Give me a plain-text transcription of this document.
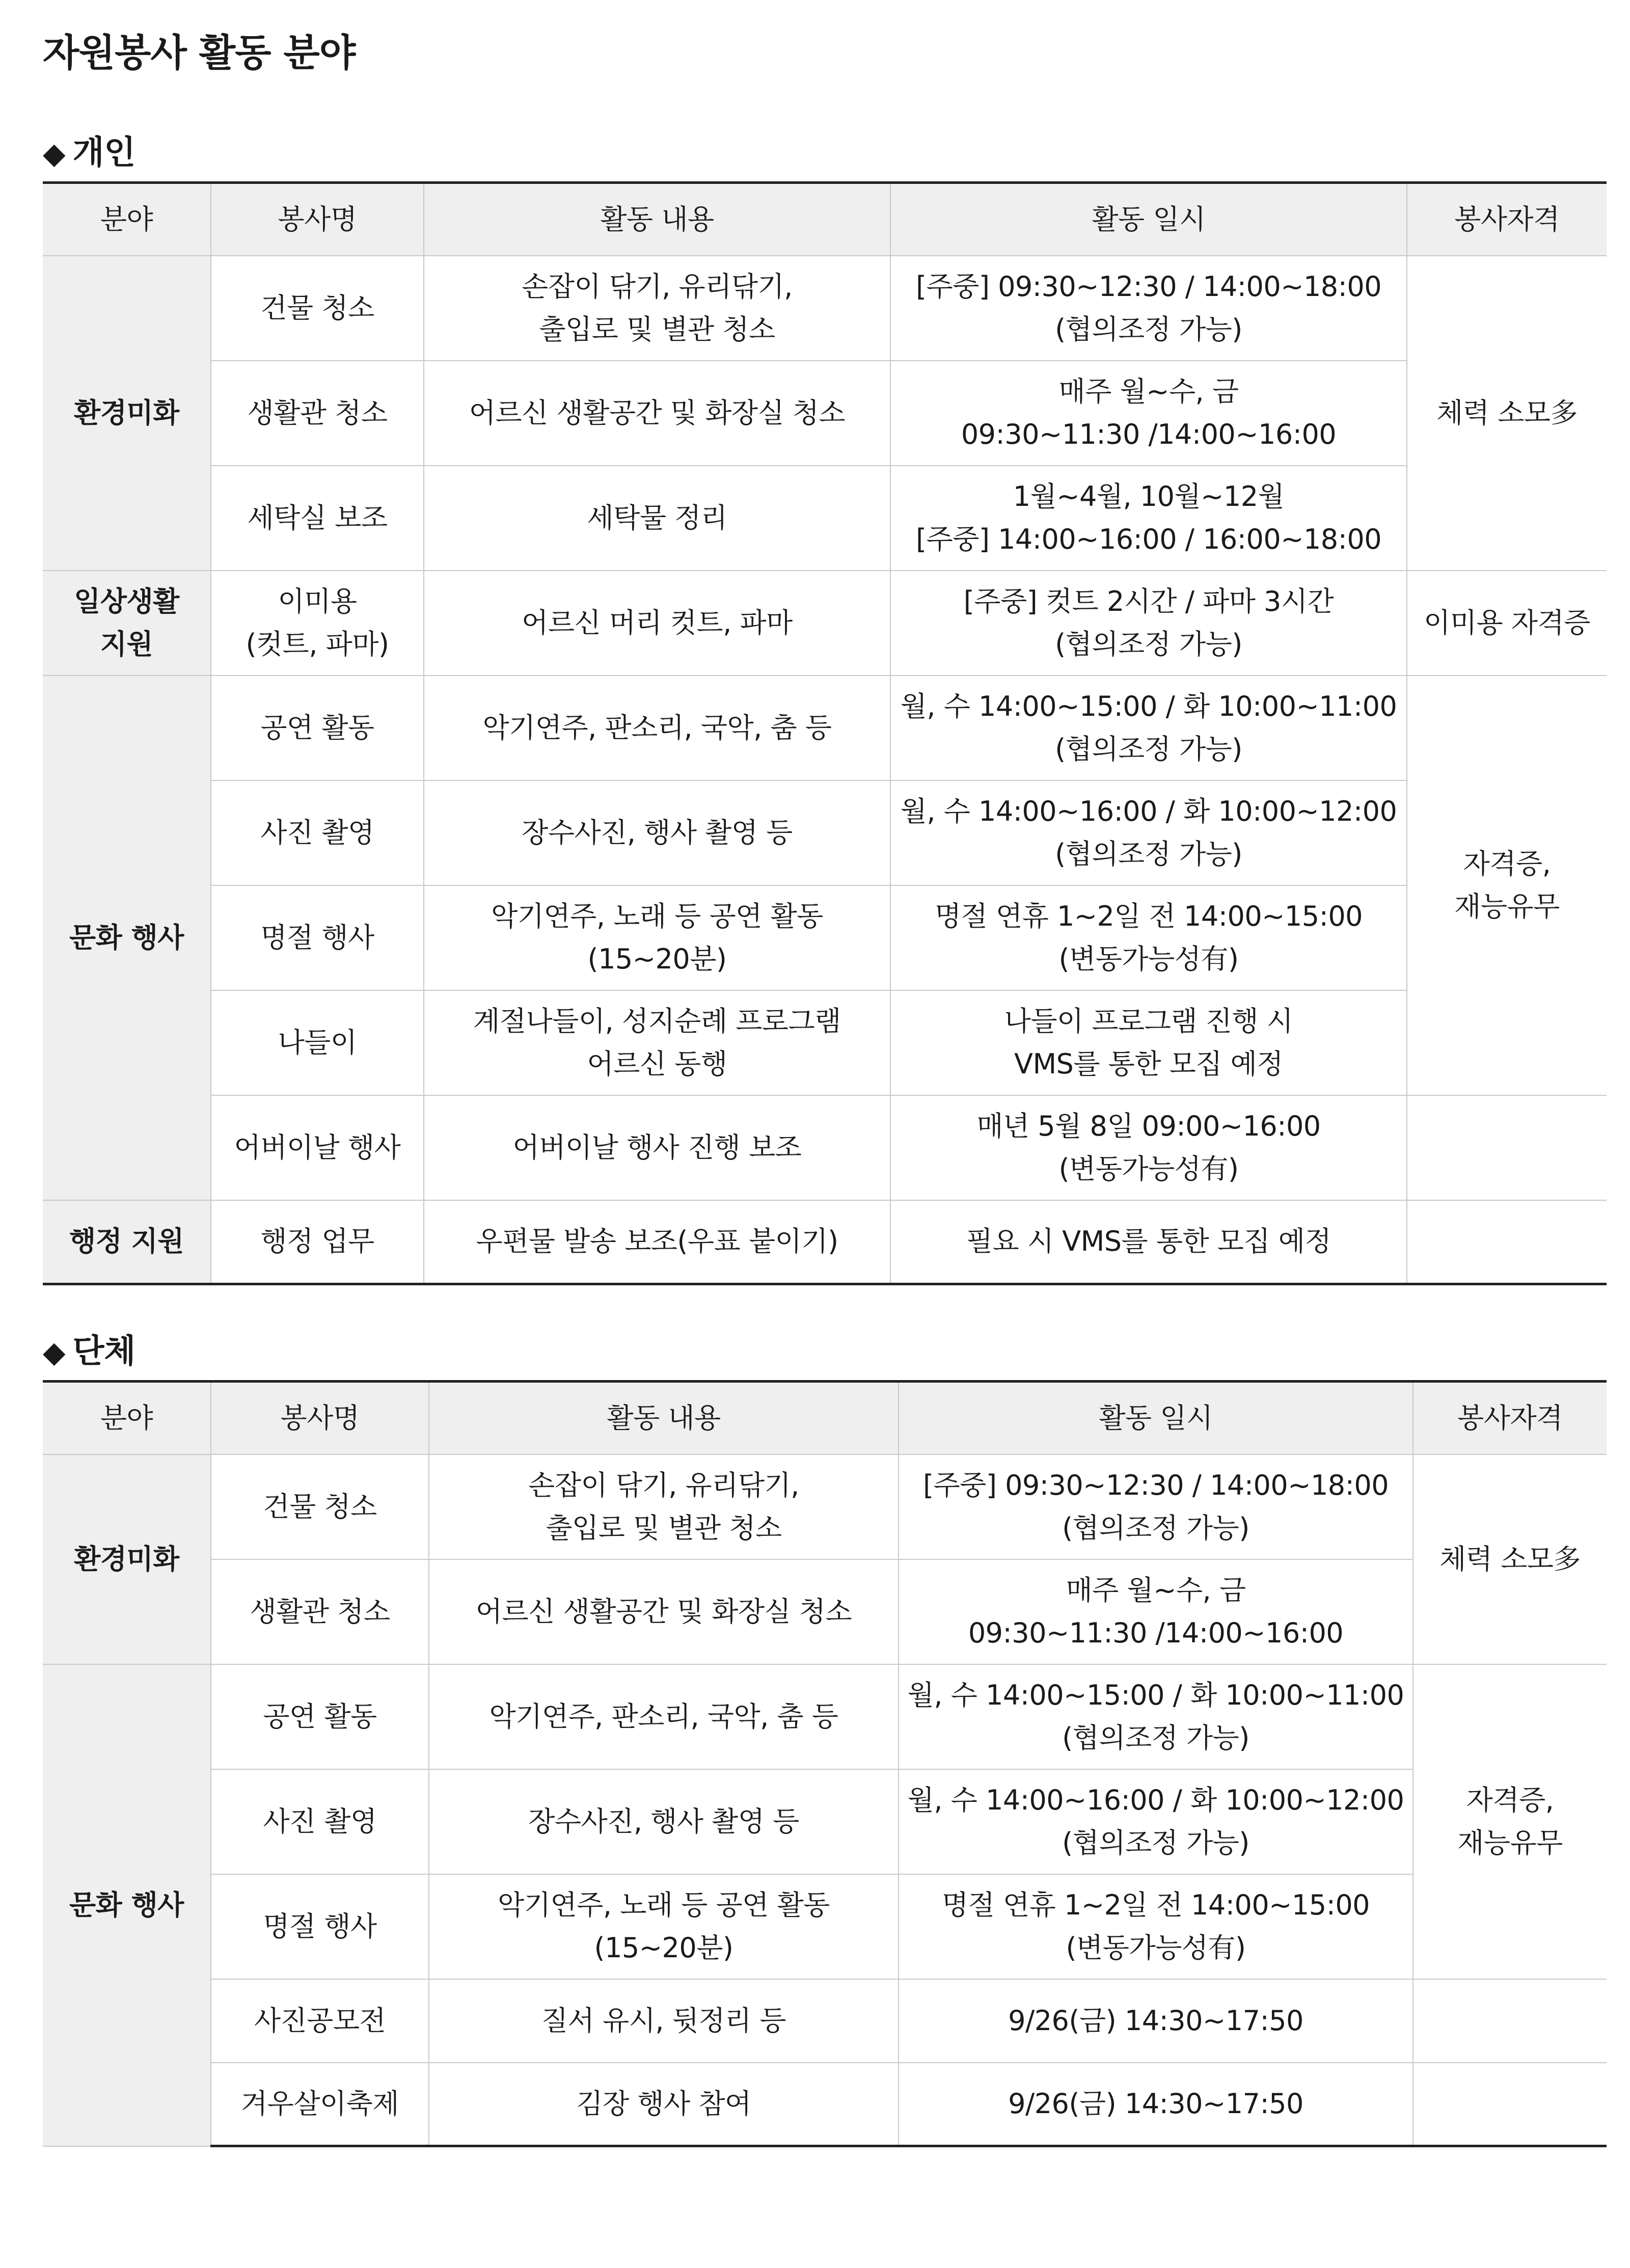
자원봉사 활동 분야
◆ 개인
분야	봉사명	활동 내용	활동 일시	봉사자격

환경미화	건물 청소	손잡이 닦기, 유리닦기,
출입로 및 별관 청소	[주중] 09:30~12:30 / 14:00~18:00
(협의조정 가능)	체력 소모多

	생활관 청소	어르신 생활공간 및 화장실 청소	매주 월~수, 금
09:30~11:30 /14:00~16:00	

	세탁실 보조	세탁물 정리	1월~4월, 10월~12월
[주중] 14:00~16:00 / 16:00~18:00	

일상생활
지원	이미용
(컷트, 파마)	어르신 머리 컷트, 파마	[주중] 컷트 2시간 / 파마 3시간
(협의조정 가능)	이미용 자격증

문화 행사	공연 활동	악기연주, 판소리, 국악, 춤 등	월, 수 14:00~15:00 / 화 10:00~11:00
(협의조정 가능)	자격증,
재능유무

	사진 촬영	장수사진, 행사 촬영 등	월, 수 14:00~16:00 / 화 10:00~12:00
(협의조정 가능)	

	명절 행사	악기연주, 노래 등 공연 활동
(15~20분)	명절 연휴 1~2일 전 14:00~15:00
(변동가능성有)	

	나들이	계절나들이, 성지순례 프로그램
어르신 동행	나들이 프로그램 진행 시
VMS를 통한 모집 예정	

	어버이날 행사	어버이날 행사 진행 보조	매년 5월 8일 09:00~16:00
(변동가능성有)	

행정 지원	행정 업무	우편물 발송 보조(우표 붙이기)	필요 시 VMS를 통한 모집 예정	

◆ 단체
분야	봉사명	활동 내용	활동 일시	봉사자격

환경미화	건물 청소	손잡이 닦기, 유리닦기,
출입로 및 별관 청소	[주중] 09:30~12:30 / 14:00~18:00
(협의조정 가능)	체력 소모多

	생활관 청소	어르신 생활공간 및 화장실 청소	매주 월~수, 금
09:30~11:30 /14:00~16:00	

문화 행사	공연 활동	악기연주, 판소리, 국악, 춤 등	월, 수 14:00~15:00 / 화 10:00~11:00
(협의조정 가능)	자격증,
재능유무

	사진 촬영	장수사진, 행사 촬영 등	월, 수 14:00~16:00 / 화 10:00~12:00
(협의조정 가능)	

	명절 행사	악기연주, 노래 등 공연 활동
(15~20분)	명절 연휴 1~2일 전 14:00~15:00
(변동가능성有)	

	사진공모전	질서 유시, 뒷정리 등	9/26(금) 14:30~17:50	

	겨우살이축제	김장 행사 참여	9/26(금) 14:30~17:50	
